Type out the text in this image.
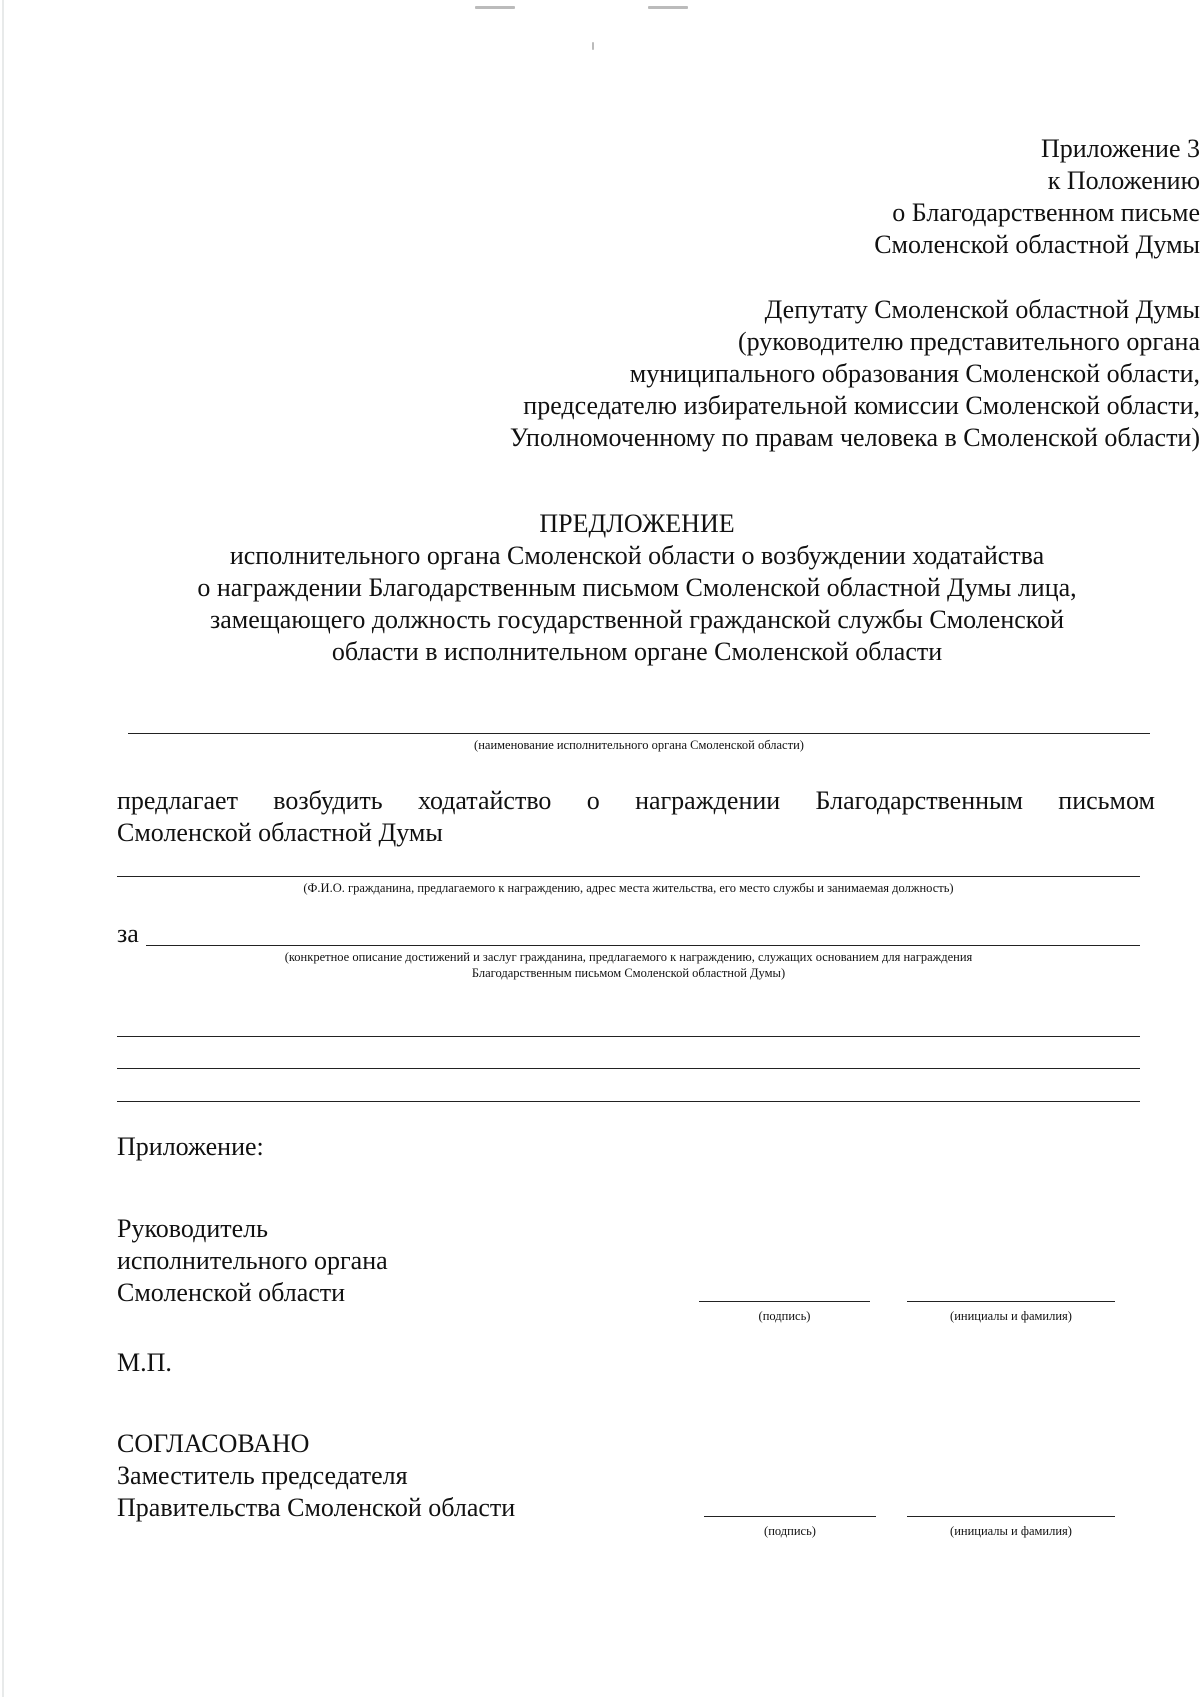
Приложение 3
к Положению
о Благодарственном письме
Смоленской областной Думы
Депутату Смоленской областной Думы
(руководителю представительного органа
муниципального образования Смоленской области,
председателю избирательной комиссии Смоленской области,
Уполномоченному по правам человека в Смоленской области)
ПРЕДЛОЖЕНИЕ
исполнительного органа Смоленской области о возбуждении ходатайства
о награждении Благодарственным письмом Смоленской областной Думы лица,
замещающего должность государственной гражданской службы Смоленской
области в исполнительном органе Смоленской области
(наименование исполнительного органа Смоленской области)
предлагает возбудить ходатайство о награждении Благодарственным письмом
Смоленской областной Думы
(Ф.И.О. гражданина, предлагаемого к награждению, адрес места жительства, его место службы и занимаемая должность)
за
(конкретное описание достижений и заслуг гражданина, предлагаемого к награждению, служащих основанием для награждения
Благодарственным письмом Смоленской областной Думы)
Приложение:
Руководитель
исполнительного органа
Смоленской области
(подпись)	(инициалы и фамилия)
М.П.
СОГЛАСОВАНО
Заместитель председателя
Правительства Смоленской области
(подпись)	(инициалы и фамилия)
